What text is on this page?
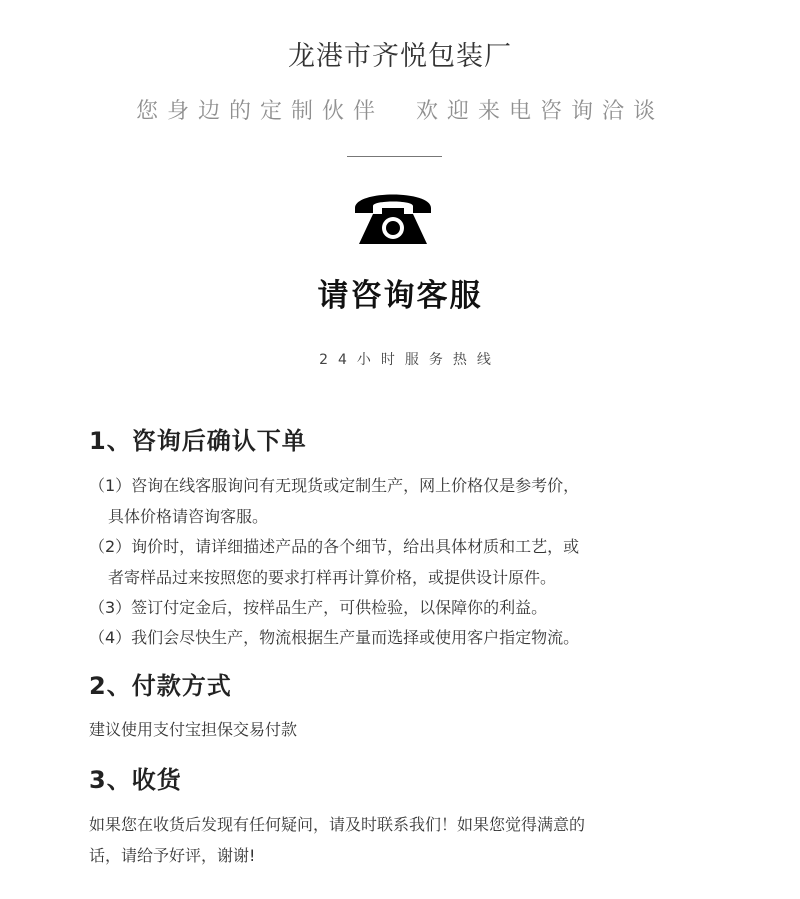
龙港市齐悦包装厂
您身边的定制伙伴  欢迎来电咨询洽谈
请咨询客服
24小时服务热线
1、咨询后确认下单
（1）咨询在线客服询问有无现货或定制生产，网上价格仅是参考价，
具体价格请咨询客服。
（2）询价时，请详细描述产品的各个细节，给出具体材质和工艺，或
者寄样品过来按照您的要求打样再计算价格，或提供设计原件。
（3）签订付定金后，按样品生产，可供检验，以保障你的利益。
（4）我们会尽快生产，物流根据生产量而选择或使用客户指定物流。
2、付款方式
建议使用支付宝担保交易付款
3、收货
如果您在收货后发现有任何疑问，请及时联系我们！如果您觉得满意的
话，请给予好评，谢谢!
